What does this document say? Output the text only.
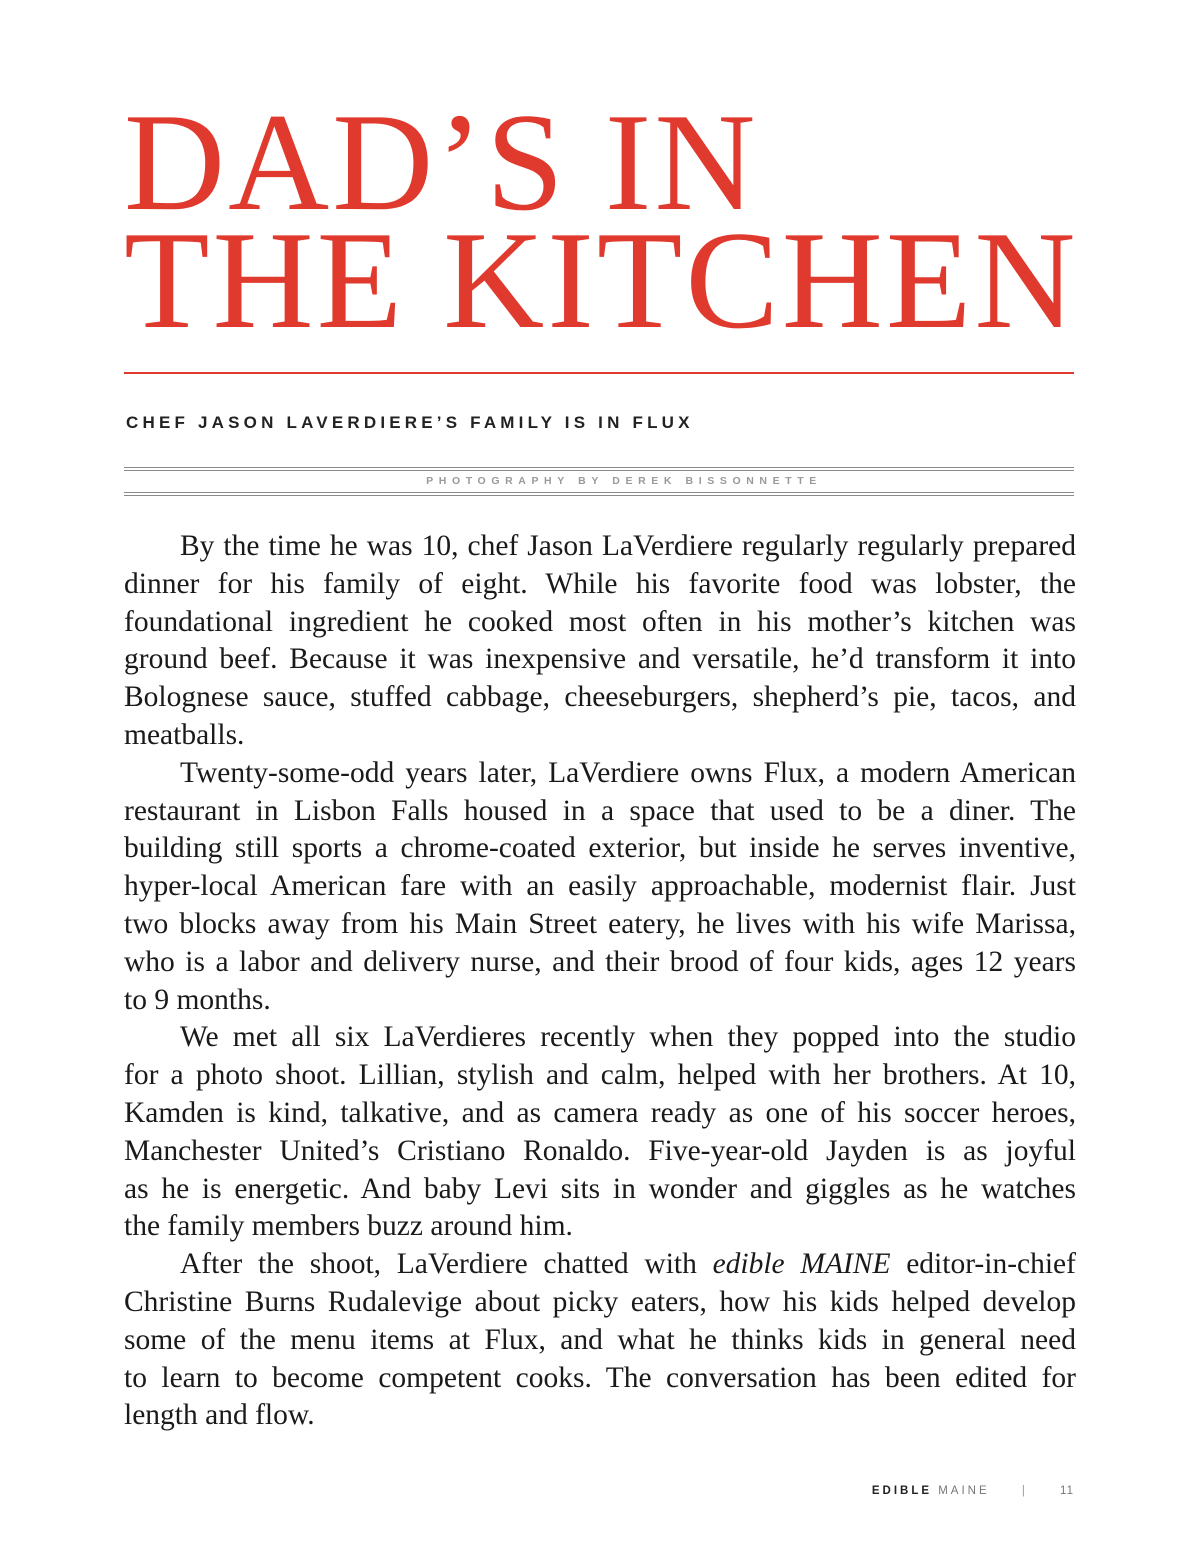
DAD’S IN
THE KITCHEN
CHEF JASON LAVERDIERE’S FAMILY IS IN FLUX
PHOTOGRAPHY BY DEREK BISSONNETTE
By the time he was 10, chef Jason LaVerdiere regularly regularly prepared
dinner for his family of eight. While his favorite food was lobster, the
foundational ingredient he cooked most often in his mother’s kitchen was
ground beef. Because it was inexpensive and versatile, he’d transform it into
Bolognese sauce, stuffed cabbage, cheeseburgers, shepherd’s pie, tacos, and
meatballs.
Twenty-some-odd years later, LaVerdiere owns Flux, a modern American
restaurant in Lisbon Falls housed in a space that used to be a diner. The
building still sports a chrome-coated exterior, but inside he serves inventive,
hyper-local American fare with an easily approachable, modernist flair. Just
two blocks away from his Main Street eatery, he lives with his wife Marissa,
who is a labor and delivery nurse, and their brood of four kids, ages 12 years
to 9 months.
We met all six LaVerdieres recently when they popped into the studio
for a photo shoot. Lillian, stylish and calm, helped with her brothers. At 10,
Kamden is kind, talkative, and as camera ready as one of his soccer heroes,
Manchester United’s Cristiano Ronaldo. Five-year-old Jayden is as joyful
as he is energetic. And baby Levi sits in wonder and giggles as he watches
the family members buzz around him.
After the shoot, LaVerdiere chatted with edible MAINE editor-in-chief
Christine Burns Rudalevige about picky eaters, how his kids helped develop
some of the menu items at Flux, and what he thinks kids in general need
to learn to become competent cooks. The conversation has been edited for
length and flow.
EDIBLE MAINE	|	11
